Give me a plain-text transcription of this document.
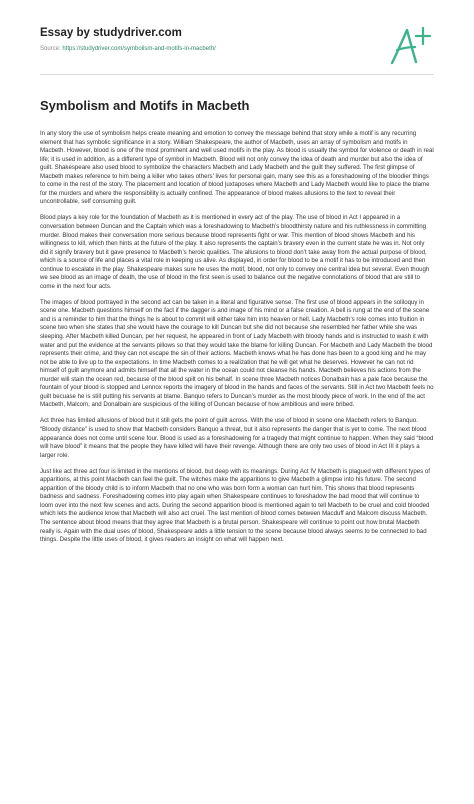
Essay by studydriver.com
Source: https://studydriver.com/symbolism-and-motifs-in-macbeth/
Symbolism and Motifs in Macbeth

In any story the use of symbolism helps create meaning and emotion to convey the message behind that story while a motif is any recurring element that has symbolic significance in a story. William Shakespeare, the author of Macbeth, uses an array of symbolism and motifs in Macbeth. However, blood is one of the most prominent and well used motifs in the play. As blood is usually the symbol for violence or death in real life; it is used in addition, as a different type of symbol in Macbeth. Blood will not only convey the idea of death and murder but also the idea of guilt. Shakespeare also used blood to symbolize the characters Macbeth and Lady Macbeth and the guilt they suffered. The first glimpse of Macbeth makes reference to him being a killer who takes others’ lives for personal gain, many see this as a foreshadowing of the bloodier things to come in the rest of the story. The placement and location of blood juxtaposes where Macbeth and Lady Macbeth would like to place the blame for the murders and where the responsibility is actually confined. The appearance of blood makes allusions to the text to reveal their uncontrollable, self consuming guilt.

Blood plays a key role for the foundation of Macbeth as it is mentioned in every act of the play. The use of blood in Act I appeared in a conversation between Duncan and the Captain which was a foreshadowing to Macbeth’s bloodthirsty nature and his ruthlessness in committing murder. Blood makes their conversation more serious because blood represents fight or war. This mention of blood shows Macbeth and his willingness to kill, which then hints at the future of the play. It also represents the captain’s bravery even in the current state he was in. Not only did it signify bravery but it gave presence to Macbeth’s heroic qualities. The allusions to blood don’t take away from the actual purpose of blood, which is a source of life and places a vital role in keeping us alive. As displayed, in order for blood to be a motif it has to be introduced and then continue to escalate in the play. Shakespeare makes sure he uses the motif, blood, not only to convey one central idea but several. Even though we see blood as an image of death, the use of blood in the first seen is used to balance out the negative connotations of blood that are still to come in the next four acts.

The images of blood portrayed in the second act can be taken in a literal and figurative sense. The first use of blood appears in the soliloquy in scene one. Macbeth questions himself on the fact if the dagger is and image of his mind or a false creation. A bell is rung at the end of the scene and is a reminder to him that the things he is about to commit will either take him into heaven or hell. Lady Macbeth’s role comes into fruition in scene two when she states that she would have the courage to kill Duncan but she did not because she resembled her father while she was sleeping. After Macbeth killed Duncan, per her request, he appeared in front of Lady Macbeth with bloody hands and is instructed to wash it with water and put the evidence at the servants pillows so that they would take the blame for killing Duncan. For Macbeth and Lady Macbeth the blood represents their crime, and they can not escape the sin of their actions. Macbeth knows what he has done has been to a good king and he may not be able to live up to the expectations. In time Macbeth comes to a realization that he will get what he deserves. However he can not rid himself of guilt anymore and admits himself that all the water in the ocean could not cleanse his hands. Macbeth believes his actions from the murder will stain the ocean red, because of the blood spilt on his behalf. In scene three Macbeth notices Donalbain has a pale face because the fountain of your blood is stopped and Lennox reports the imagery of blood in the hands and faces of the servants. Still in Act two Macbeth feels no guilt becuase he is still putting his servants at blame. Banquo refers to Duncan’s murder as the most bloody piece of work. In the end of the act Macbeth, Malcom, and Donalbain are suspicious of the killing of Duncan because of how ambitious and were bribed.

Act three has limited allusions of blood but it still gets the point of guilt across. With the use of blood in scene one Macbeth refers to Banquo. “Bloody distance” is used to show that Macbeth considers Banquo a threat, but it also represents the danger that is yet to come. The next blood appearance does not come until scene four. Blood is used as a foreshadowing for a tragedy that might continue to happen. When they said “blood will have blood” it means that the people they have killed will have their revenge. Although there are only two uses of blood in Act III it plays a larger role.

Just like act three act four is limited in the mentions of blood, but deep with its meanings. During Act IV Macbeth is plagued with different types of apparitions, at this point Macbeth can feel the guilt. The witches make the apparitions to give Macbeth a glimpse into his future. The second apparition of the bloody child is to inform Macbeth that no one who was born form a woman can hurt him. This shows that blood represents badness and sadness. Foreshadowing comes into play again when Shakespeare continues to foreshadow the bad mood that will continue to loom over into the next few scenes and acts. During the second apparition blood is mentioned again to tell Macbeth to be cruel and cold blooded which lets the audience know that Macbeth will also act cruel. The last mention of blood comes between Macduff and Malcom discuss Macbeth. The sentence about blood means that they agree that Macbeth is a brutal person. Shakespeare will continue to point out how brutal Macbeth really is. Again with the dual uses of blood, Shakespeare adds a little tension to the scene because blood always seems to be connected to bad things. Despite the little uses of blood, it gives readers an insight on what will happen next.
